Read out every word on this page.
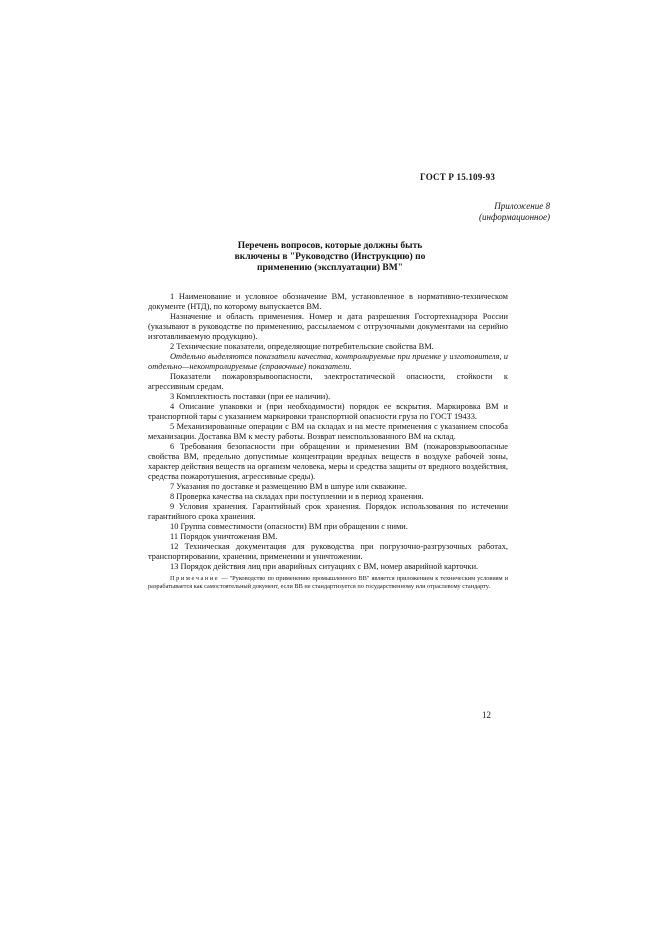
ГОСТ Р 15.109-93
Приложение 8
(информационное)
Перечень вопросов, которые должны быть
включены в "Руководство (Инструкцию) по
применению (эксплуатации) ВМ"

1 Наименование и условное обозначение ВМ, установленное в нормативно-техническом документе (НТД), по которому выпускается ВМ.

Назначение и область применения. Номер и дата разрешения Госгортехнадзора России (указывают в руководстве по применению, рассылаемом с отгрузочными документами на серийно изготавливаемую продукцию).

2 Технические показатели, определяющие потребительские свойства ВМ.

Отдельно выделяются показатели качества, контролируемые при приемке у изготовителя, и отдельно—неконтролируемые (справочные) показатели.

Показатели пожаровзрывоопасности, электростатической опасности, стойкости к агрессивным средам.

3 Комплектность поставки (при ее наличии).

4 Описание упаковки и (при необходимости) порядок ее вскрытия. Маркировка ВМ и транспортной тары с указанием маркировки транспортной опасности груза по ГОСТ 19433.

5 Механизированные операции с ВМ на складах и на месте применения с указанием способа механизации. Доставка ВМ к месту работы. Возврат неиспользованного ВМ на склад.

6 Требования безопасности при обращении и применении ВМ (пожаровзрывоопасные свойства ВМ, предельно допустимые концентрации вредных веществ в воздухе рабочей зоны, характер действия веществ на организм человека, меры и средства защиты от вредного воздействия, средства пожаротушения, агрессивные среды).

7 Указания по доставке и размещению ВМ в шпуре или скважине.

8 Проверка качества на складах при поступлении и в период хранения.

9 Условия хранения. Гарантийный срок хранения. Порядок использования по истечении гарантийного срока хранения.

10 Группа совместимости (опасности) ВМ при обращении с ними.

11 Порядок уничтожения ВМ.

12 Техническая документация для руководства при погрузочно-разгрузочных работах, транспортировании, хранении, применении и уничтожении.

13 Порядок действия лиц при аварийных ситуациях с ВМ, номер аварийной карточки.

Примечание — "Руководство по применению промышленного ВВ" является приложением к техническим условиям и разрабатывается как самостоятельный документ, если ВВ не стандартизуется по государственному или отраслевому стандарту.

12
